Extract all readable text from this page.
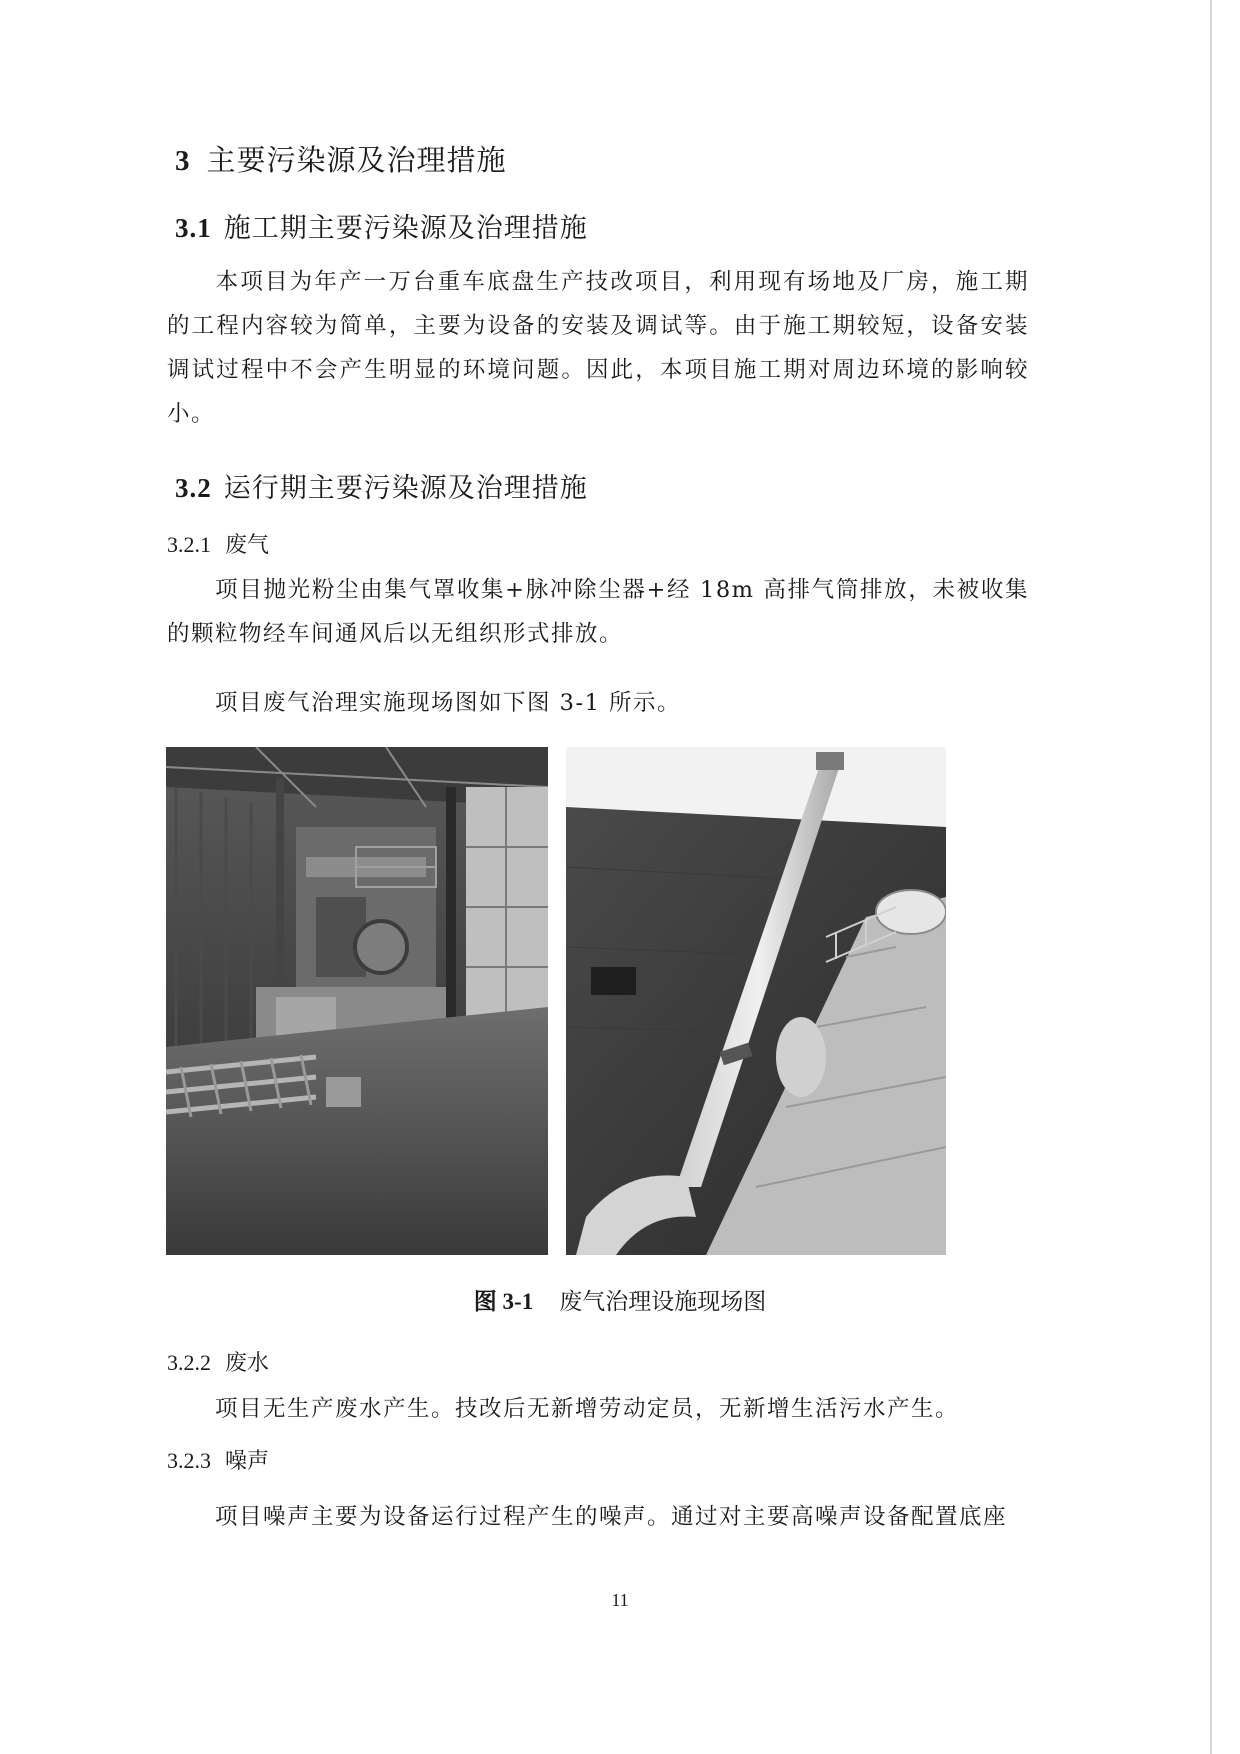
3 主要污染源及治理措施
3.1 施工期主要污染源及治理措施
本项目为年产一万台重车底盘生产技改项目，利用现有场地及厂房，施工期的工程内容较为简单，主要为设备的安装及调试等。由于施工期较短，设备安装调试过程中不会产生明显的环境问题。因此，本项目施工期对周边环境的影响较小。
3.2 运行期主要污染源及治理措施
3.2.1 废气
项目抛光粉尘由集气罩收集+脉冲除尘器+经 18m 高排气筒排放，未被收集的颗粒物经车间通风后以无组织形式排放。
项目废气治理实施现场图如下图 3-1 所示。
图 3-1 废气治理设施现场图
3.2.2 废水
项目无生产废水产生。技改后无新增劳动定员，无新增生活污水产生。
3.2.3 噪声
项目噪声主要为设备运行过程产生的噪声。通过对主要高噪声设备配置底座
11
